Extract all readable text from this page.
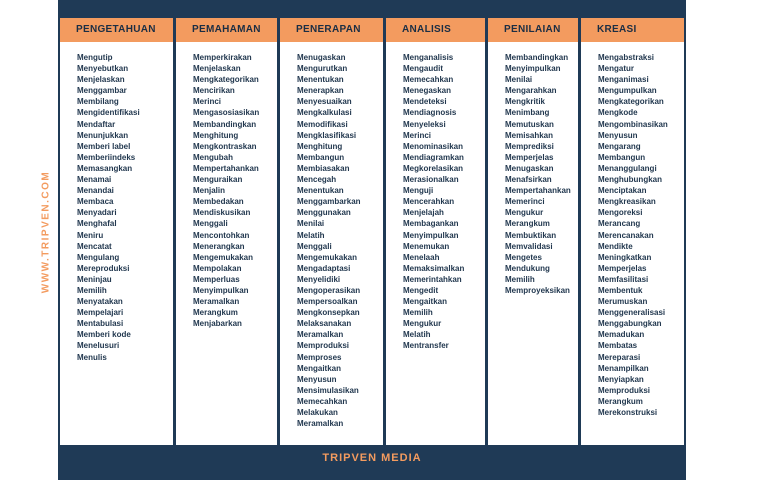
WWW.TRIPVEN.COM
PENGETAHUAN
Mengutip
Menyebutkan
Menjelaskan
Menggambar
Membilang
Mengidentifikasi
Mendaftar
Menunjukkan
Memberi label
Memberiindeks
Memasangkan
Menamai
Menandai
Membaca
Menyadari
Menghafal
Meniru
Mencatat
Mengulang
Mereproduksi
Meninjau
Memilih
Menyatakan
Mempelajari
Mentabulasi
Memberi kode
Menelusuri
Menulis
PEMAHAMAN
Memperkirakan
Menjelaskan
Mengkategorikan
Mencirikan
Merinci
Mengasosiasikan
Membandingkan
Menghitung
Mengkontraskan
Mengubah
Mempertahankan
Menguraikan
Menjalin
Membedakan
Mendiskusikan
Menggali
Mencontohkan
Menerangkan
Mengemukakan
Mempolakan
Memperluas
Menyimpulkan
Meramalkan
Merangkum
Menjabarkan
PENERAPAN
Menugaskan
Mengurutkan
Menentukan
Menerapkan
Menyesuaikan
Mengkalkulasi
Memodifikasi
Mengklasifikasi
Menghitung
Membangun
Membiasakan
Mencegah
Menentukan
Menggambarkan
Menggunakan
Menilai
Melatih
Menggali
Mengemukakan
Mengadaptasi
Menyelidiki
Mengoperasikan
Mempersoalkan
Mengkonsepkan
Melaksanakan
Meramalkan
Memproduksi
Memproses
Mengaitkan
Menyusun
Mensimulasikan
Memecahkan
Melakukan
Meramalkan
ANALISIS
Menganalisis
Mengaudit
Memecahkan
Menegaskan
Mendeteksi
Mendiagnosis
Menyeleksi
Merinci
Menominasikan
Mendiagramkan
Megkorelasikan
Merasionalkan
Menguji
Mencerahkan
Menjelajah
Membagankan
Menyimpulkan
Menemukan
Menelaah
Memaksimalkan
Memerintahkan
Mengedit
Mengaitkan
Memilih
Mengukur
Melatih
Mentransfer
PENILAIAN
Membandingkan
Menyimpulkan
Menilai
Mengarahkan
Mengkritik
Menimbang
Memutuskan
Memisahkan
Memprediksi
Memperjelas
Menugaskan
Menafsirkan
Mempertahankan
Memerinci
Mengukur
Merangkum
Membuktikan
Memvalidasi
Mengetes
Mendukung
Memilih
Memproyeksikan
KREASI
Mengabstraksi
Mengatur
Menganimasi
Mengumpulkan
Mengkategorikan
Mengkode
Mengombinasikan
Menyusun
Mengarang
Membangun
Menanggulangi
Menghubungkan
Menciptakan
Mengkreasikan
Mengoreksi
Merancang
Merencanakan
Mendikte
Meningkatkan
Memperjelas
Memfasilitasi
Membentuk
Merumuskan
Menggeneralisasi
Menggabungkan
Memadukan
Membatas
Mereparasi
Menampilkan
Menyiapkan
Memproduksi
Merangkum
Merekonstruksi
TRIPVEN MEDIA
